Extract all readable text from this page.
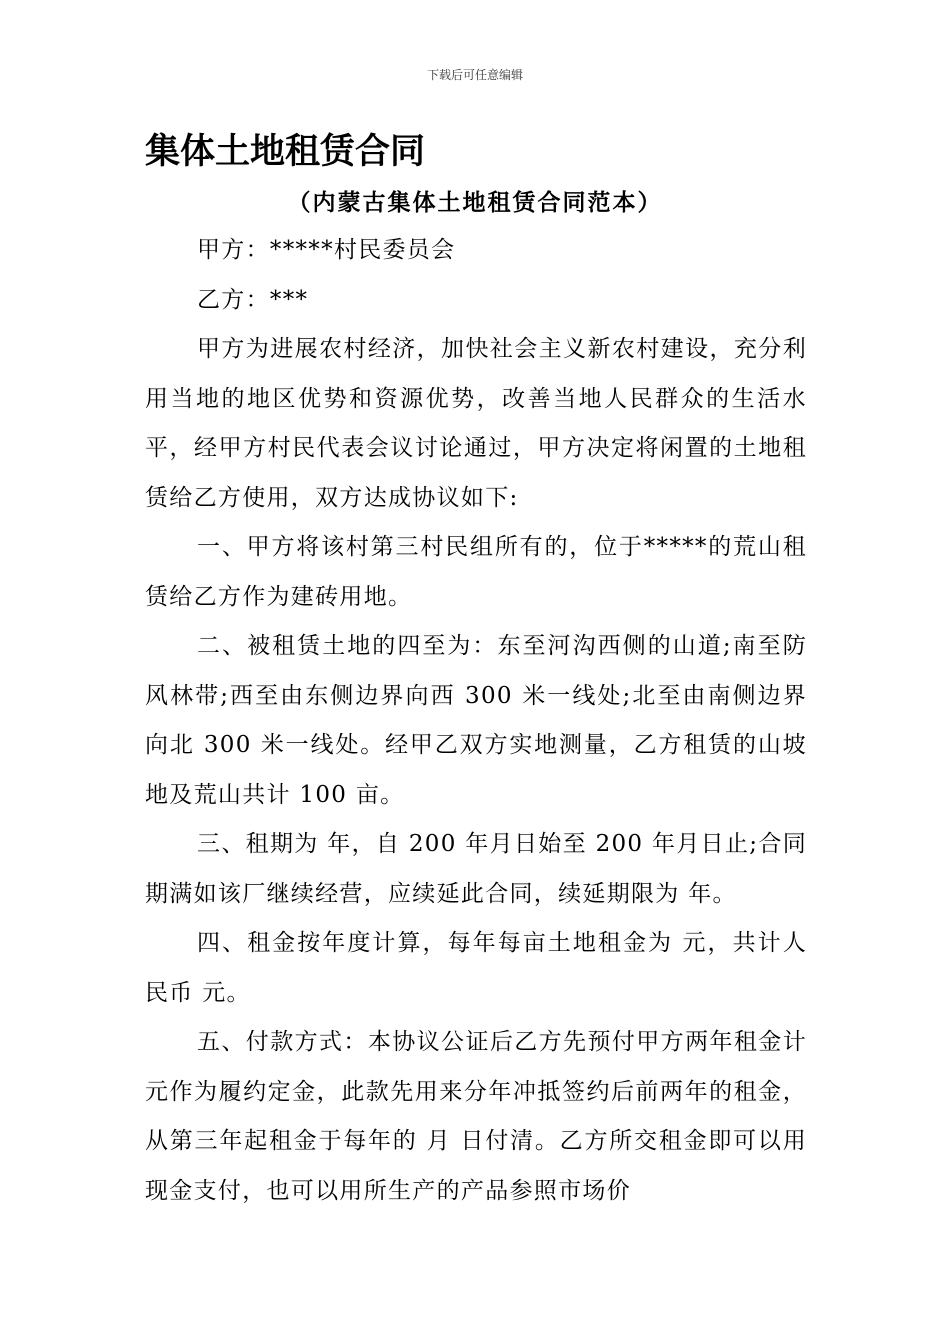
下载后可任意编辑
集体土地租赁合同
（内蒙古集体土地租赁合同范本）

甲方：*****村民委员会

乙方：***

甲方为进展农村经济，加快社会主义新农村建设，充分利用当地的地区优势和资源优势，改善当地人民群众的生活水平，经甲方村民代表会议讨论通过，甲方决定将闲置的土地租赁给乙方使用，双方达成协议如下:

一、甲方将该村第三村民组所有的，位于*****的荒山租赁给乙方作为建砖用地。

二、被租赁土地的四至为：东至河沟西侧的山道;南至防风林带;西至由东侧边界向西 300 米一线处;北至由南侧边界向北 300 米一线处。经甲乙双方实地测量，乙方租赁的山坡地及荒山共计 100 亩。

三、租期为 年，自 200 年月日始至 200 年月日止;合同期满如该厂继续经营，应续延此合同，续延期限为 年。

四、租金按年度计算，每年每亩土地租金为 元，共计人民币 元。

五、付款方式：本协议公证后乙方先预付甲方两年租金计 元作为履约定金，此款先用来分年冲抵签约后前两年的租金，从第三年起租金于每年的 月 日付清。乙方所交租金即可以用现金支付，也可以用所生产的产品参照市场价
